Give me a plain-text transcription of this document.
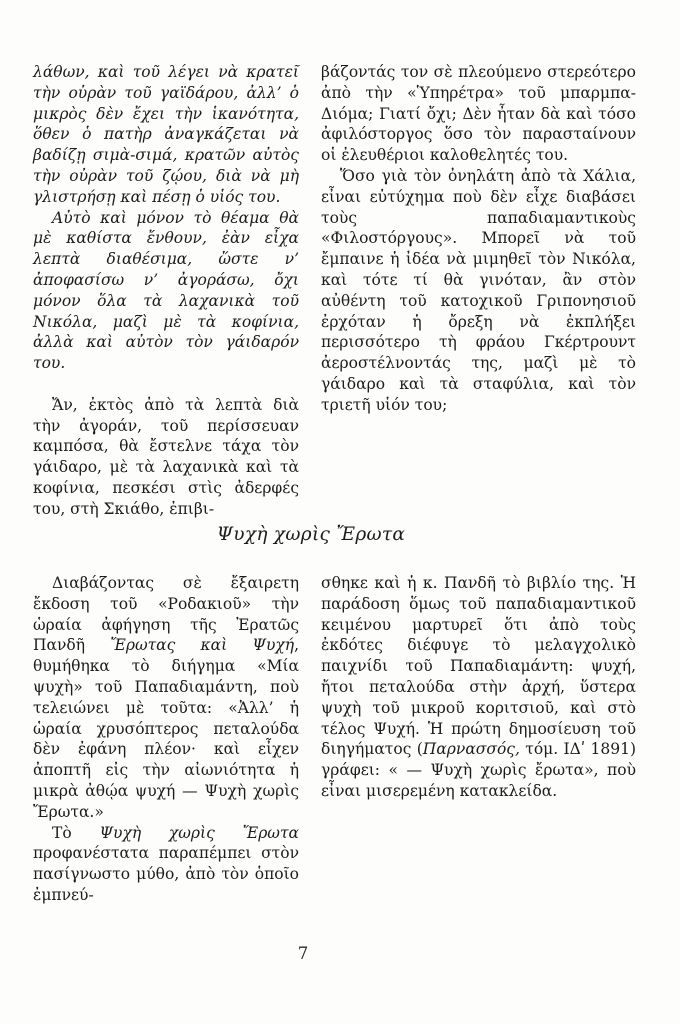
λάθων, καὶ τοῦ λέγει νὰ κρατεῖ τὴν οὐρὰν τοῦ γαϊδάρου, ἀλλ’ ὁ μικρὸς δὲν ἔχει τὴν ἱκανότητα, ὅθεν ὁ πατὴρ ἀναγκάζεται νὰ βαδίζῃ σιμὰ-σιμά, κρατῶν αὐτὸς τὴν οὐρὰν τοῦ ζῴου, διὰ νὰ μὴ γλιστρήσῃ καὶ πέσῃ ὁ υἱός του.

Αὐτὸ καὶ μόνον τὸ θέαμα θὰ μὲ καθίστα ἔνθουν, ἐὰν εἶχα λεπτὰ διαθέσιμα, ὥστε ν’ ἀποφασίσω ν’ ἀγοράσω, ὄχι μόνον ὅλα τὰ λαχανικὰ τοῦ Νικόλα, μαζὶ μὲ τὰ κοφίνια, ἀλλὰ καὶ αὐτὸν τὸν γάιδαρόν του.

Ἄν, ἐκτὸς ἀπὸ τὰ λεπτὰ διὰ τὴν ἀγοράν, τοῦ περίσσευαν καμπόσα, θὰ ἔστελνε τάχα τὸν γάιδαρο, μὲ τὰ λαχανικὰ καὶ τὰ κοφίνια, πεσκέσι στὶς ἀδερφές του, στὴ Σκιάθο, ἐπιβι-

βάζοντάς τον σὲ πλεούμενο στερεότερο ἀπὸ τὴν «Ὑπηρέτρα» τοῦ μπαρμπα-Διόμα; Γιατί ὄχι; Δὲν ἦταν δὰ καὶ τόσο ἀφιλόστοργος ὅσο τὸν παρασταίνουν οἱ ἐλευθέριοι καλοθελητές του.

Ὅσο γιὰ τὸν ὀνηλάτη ἀπὸ τὰ Χάλια, εἶναι εὐτύχημα ποὺ δὲν εἶχε διαβάσει τοὺς παπαδιαμαντικοὺς «Φιλοστόργους». Μπορεῖ νὰ τοῦ ἔμπαινε ἡ ἰδέα νὰ μιμηθεῖ τὸν Νικόλα, καὶ τότε τί θὰ γινόταν, ἂν στὸν αὐθέντη τοῦ κατοχικοῦ Γριπονησιοῦ ἐρχόταν ἡ ὄρεξη νὰ ἐκπλήξει περισσότερο τὴ φράου Γκέρτρουντ ἀεροστέλνοντάς της, μαζὶ μὲ τὸ γάιδαρο καὶ τὰ σταφύλια, καὶ τὸν τριετῆ υἱόν του;

Ψυχὴ χωρὶς Ἔρωτα

Διαβάζοντας σὲ ἔξαιρετη ἔκδοση τοῦ «Ροδακιοῦ» τὴν ὡραία ἀφήγηση τῆς Ἐρατῶς Πανδῆ Ἔρωτας καὶ Ψυχή, θυμήθηκα τὸ διήγημα «Μία ψυχὴ» τοῦ Παπαδιαμάντη, ποὺ τελειώνει μὲ τοῦτα: «Ἀλλ’ ἡ ὡραία χρυσόπτερος πεταλούδα δὲν ἐφάνη πλέον· καὶ εἶχεν ἀποπτῆ εἰς τὴν αἰωνιότητα ἡ μικρὰ ἀθῴα ψυχή — Ψυχὴ χωρὶς Ἔρωτα.»

Τὸ Ψυχὴ χωρὶς Ἔρωτα προφανέστατα παραπέμπει στὸν πασίγνωστο μύθο, ἀπὸ τὸν ὁποῖο ἐμπνεύ-

σθηκε καὶ ἡ κ. Πανδῆ τὸ βιβλίο της. Ἡ παράδοση ὅμως τοῦ παπαδιαμαντικοῦ κειμένου μαρτυρεῖ ὅτι ἀπὸ τοὺς ἐκδότες διέφυγε τὸ μελαγχολικὸ παιχνίδι τοῦ Παπαδιαμάντη: ψυχή, ἤτοι πεταλούδα στὴν ἀρχή, ὕστερα ψυχὴ τοῦ μικροῦ κοριτσιοῦ, καὶ στὸ τέλος Ψυχή. Ἡ πρώτη δημοσίευση τοῦ διηγήματος (Παρνασσός, τόμ. ΙΔʹ 1891) γράφει: « — Ψυχὴ χωρὶς ἔρωτα», ποὺ εἶναι μισερεμένη κατακλείδα.

7
